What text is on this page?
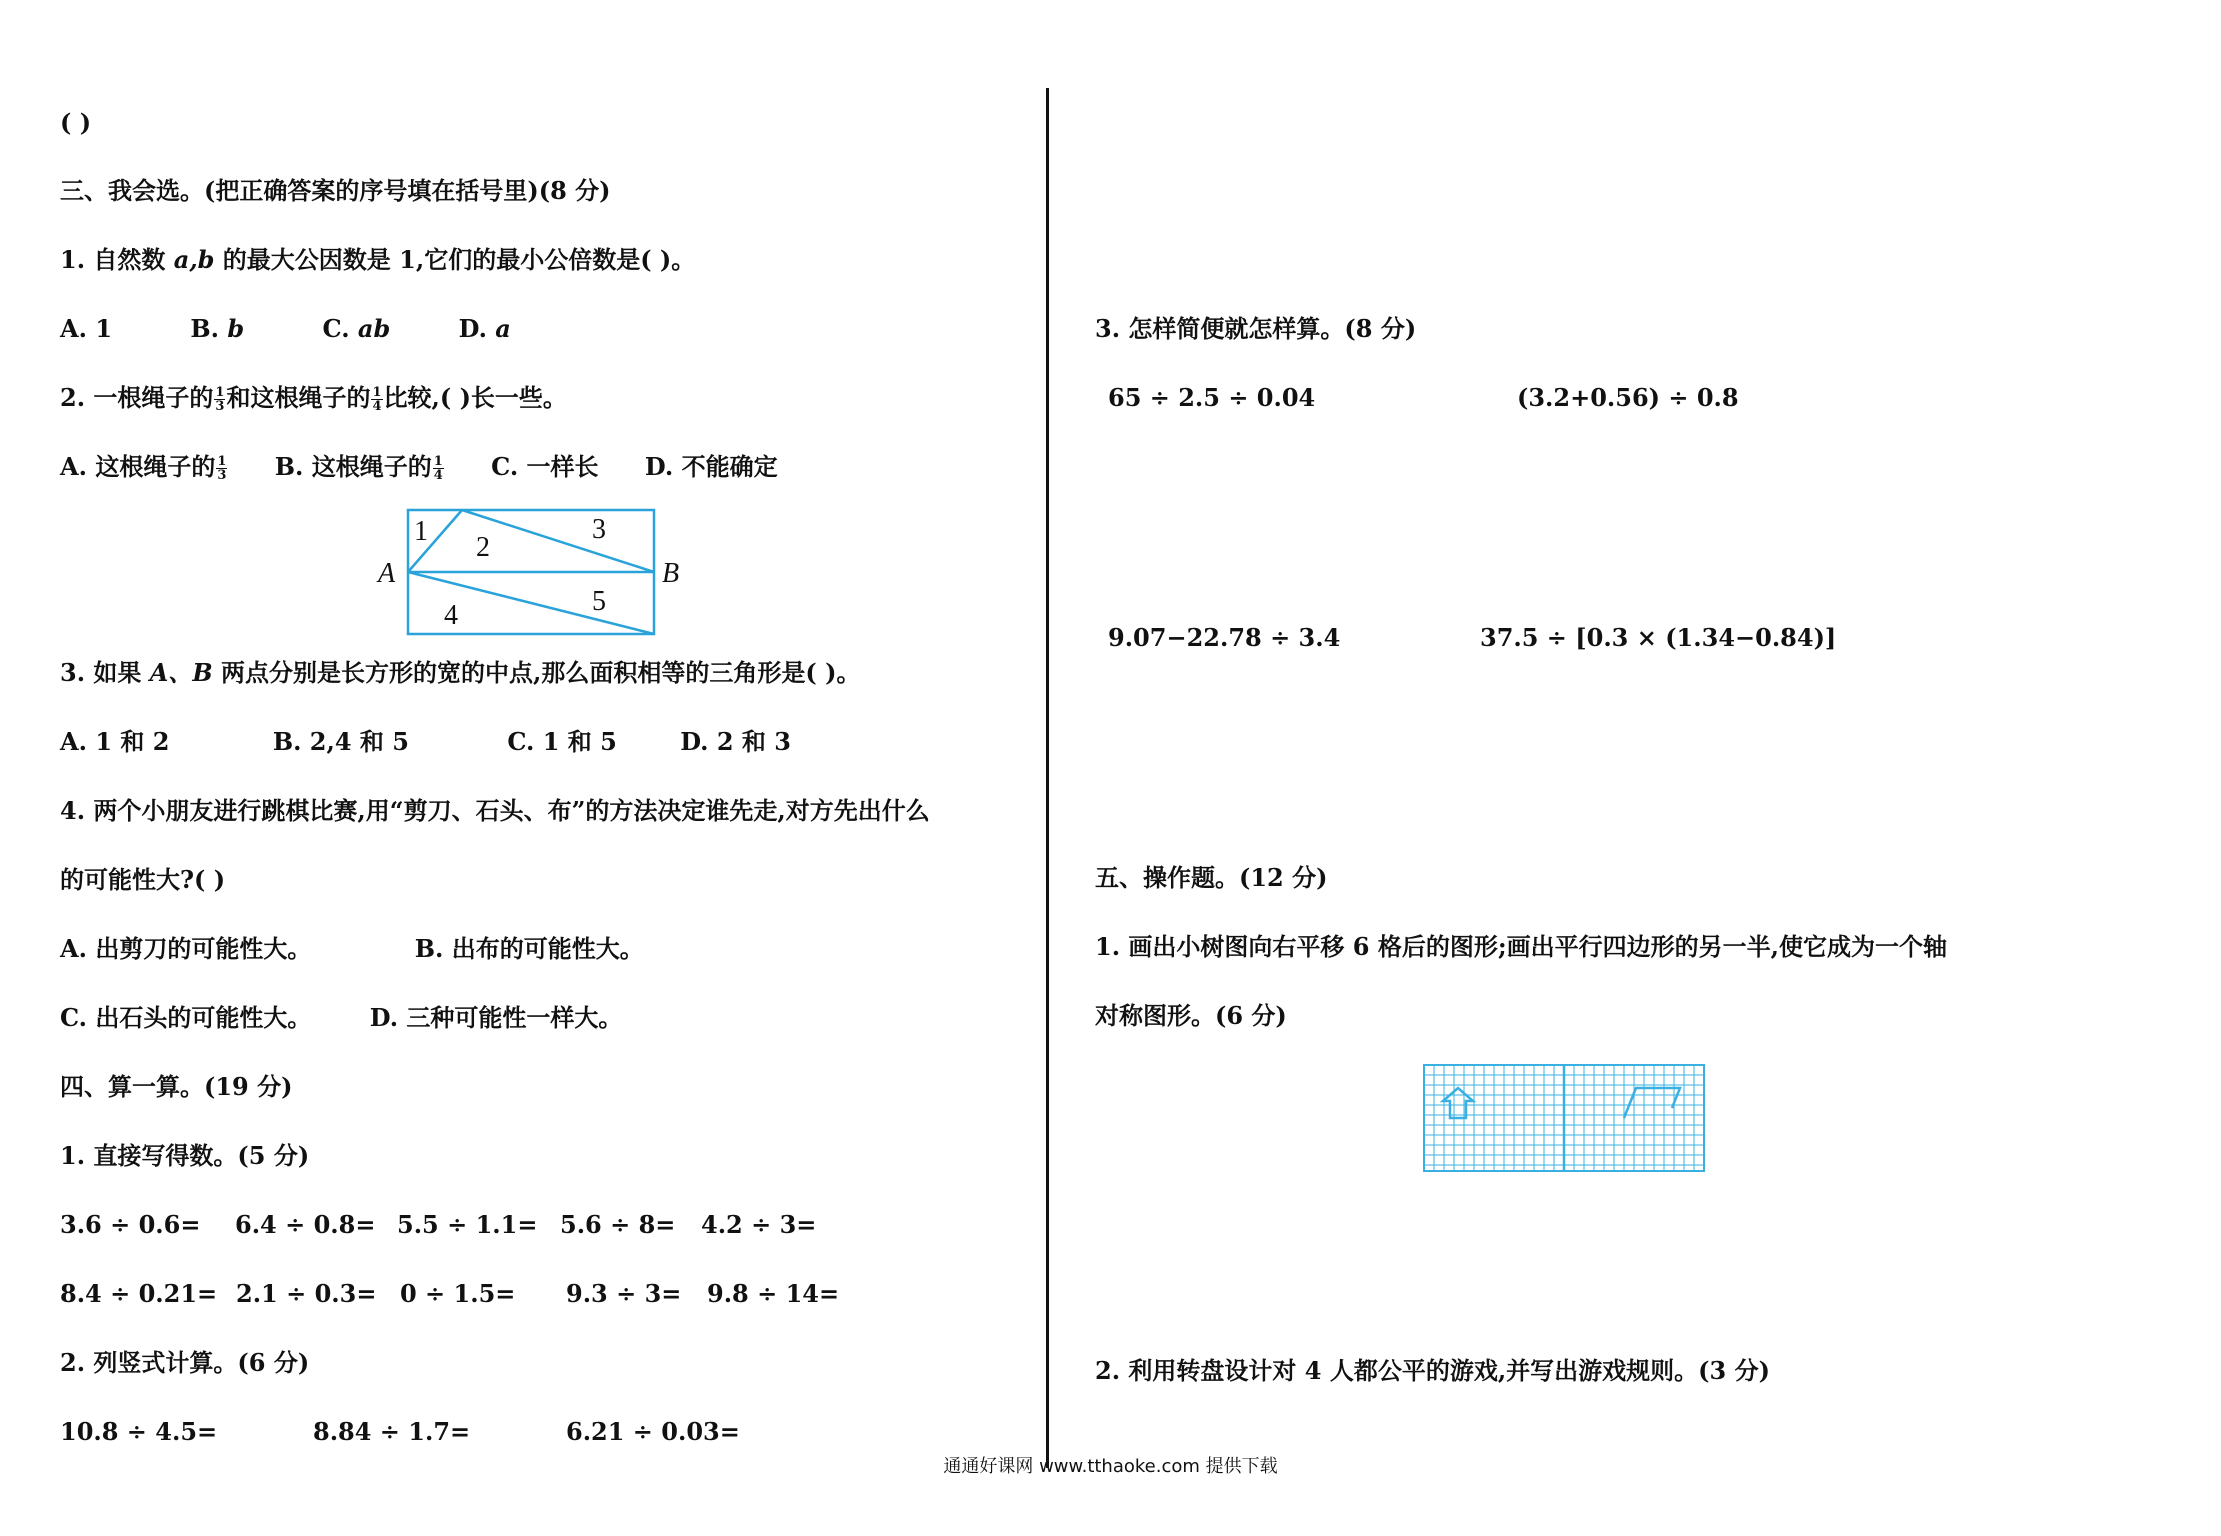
( )
三、我会选。(把正确答案的序号填在括号里)(8 分)
1. 自然数 a,b 的最大公因数是 1,它们的最小公倍数是( )。
A. 1	B. b	C. ab	D. a
2. 一根绳子的 $\frac{1}{3}$ 和这根绳子的 $\frac{1}{4}$ 比较,( )长一些。
A. 这根绳子的 $\frac{1}{3} B$. 这根绳子的 $\frac{1}{4} C$. 一样长 D. 不能确定
1
2
3
4	5
A	B
3. 如果 A、B 两点分别是长方形的宽的中点,那么面积相等的三角形是( )。
A. 1 和 2	B. 2,4 和 5	C. 1 和 5	D. 2 和 3
4. 两个小朋友进行跳棋比赛,用“剪刀、石头、布”的方法决定谁先走,对方先出什么
的可能性大?( )
A. 出剪刀的可能性大。	B. 出布的可能性大。
C. 出石头的可能性大。 D. 三种可能性一样大。
四、算一算。(19 分)
1. 直接写得数。(5 分)
3.6 ÷ 0.6= 6.4 ÷ 0.8= 5.5 ÷ 1.1= 5.6 ÷ 8= 4.2 ÷ 3=
8.4 ÷ 0.21= 2.1 ÷ 0.3= 0 ÷ 1.5= 9.3 ÷ 3= 9.8 ÷ 14=
2. 列竖式计算。(6 分)
10.8 ÷ 4.5=	8.84 ÷ 1.7=	6.21 ÷ 0.03=
3. 怎样简便就怎样算。(8 分)
65 ÷ 2.5 ÷ 0.04	(3.2+0.56) ÷ 0.8
9.07−22.78 ÷ 3.4	37.5 ÷ [0.3 × (1.34−0.84)]
五、操作题。(12 分)
1. 画出小树图向右平移 6 格后的图形;画出平行四边形的另一半,使它成为一个轴
对称图形。(6 分)
2. 利用转盘设计对 4 人都公平的游戏,并写出游戏规则。(3 分)
通通好课网 www.tthaoke.com 提供下载
